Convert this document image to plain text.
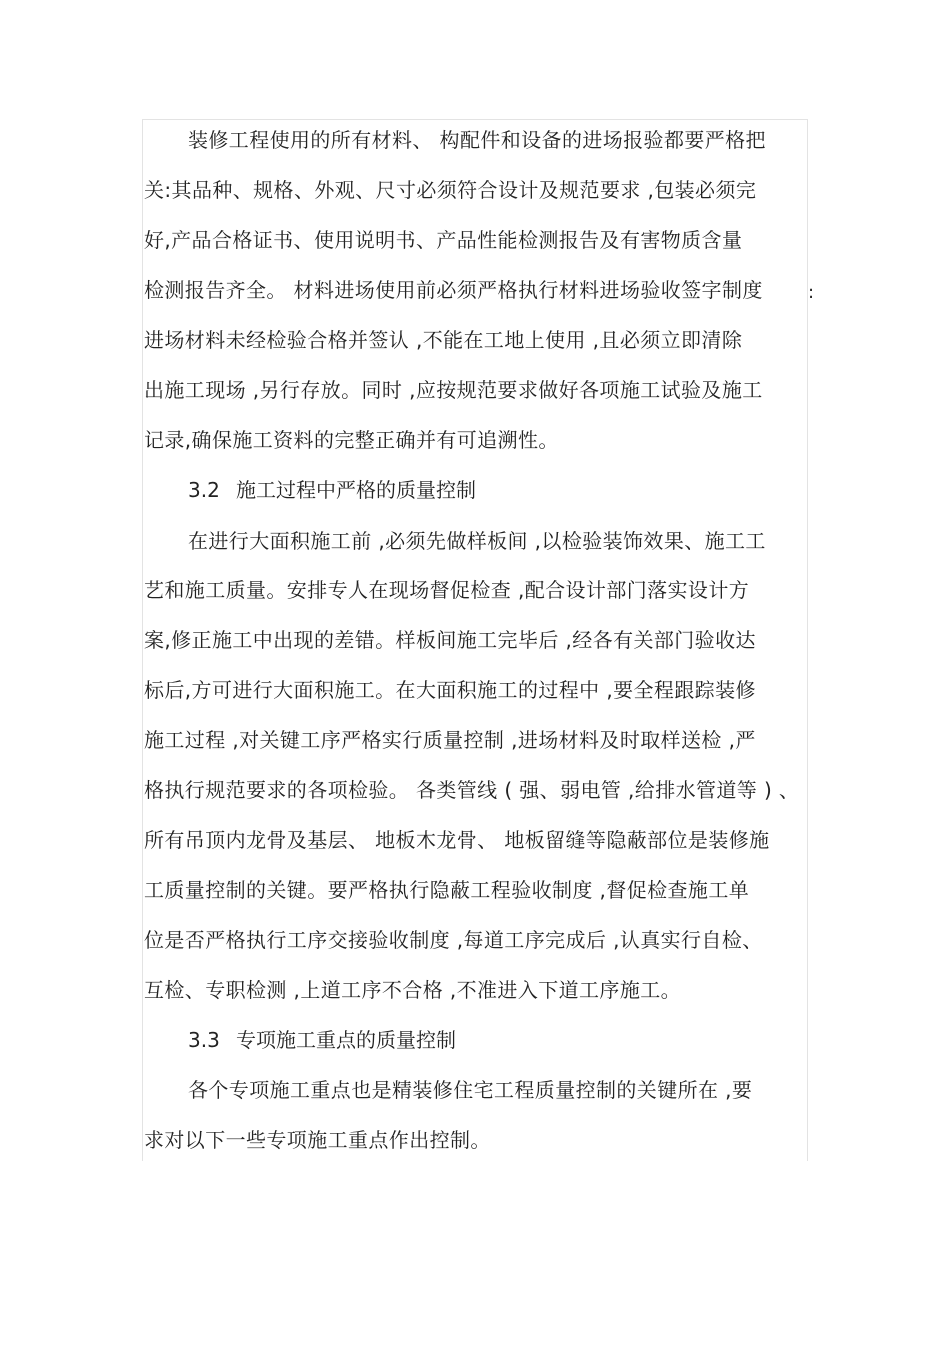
装修工程使用的所有材料、 构配件和设备的进场报验都要严格把
关:其品种、规格、外观、尺寸必须符合设计及规范要求 ,包装必须完
好,产品合格证书、使用说明书、产品性能检测报告及有害物质含量
检测报告齐全。 材料进场使用前必须严格执行材料进场验收签字制度	:
进场材料未经检验合格并签认 ,不能在工地上使用 ,且必须立即清除
出施工现场 ,另行存放。同时 ,应按规范要求做好各项施工试验及施工
记录,确保施工资料的完整正确并有可追溯性。
3.2 施工过程中严格的质量控制
在进行大面积施工前 ,必须先做样板间 ,以检验装饰效果、施工工
艺和施工质量。安排专人在现场督促检查 ,配合设计部门落实设计方
案,修正施工中出现的差错。样板间施工完毕后 ,经各有关部门验收达
标后,方可进行大面积施工。在大面积施工的过程中 ,要全程跟踪装修
施工过程 ,对关键工序严格实行质量控制 ,进场材料及时取样送检 ,严
格执行规范要求的各项检验。 各类管线 ( 强、弱电管 ,给排水管道等 ) 、
所有吊顶内龙骨及基层、 地板木龙骨、 地板留缝等隐蔽部位是装修施
工质量控制的关键。要严格执行隐蔽工程验收制度 ,督促检查施工单
位是否严格执行工序交接验收制度 ,每道工序完成后 ,认真实行自检、
互检、专职检测 ,上道工序不合格 ,不准进入下道工序施工。
3.3 专项施工重点的质量控制
各个专项施工重点也是精装修住宅工程质量控制的关键所在 ,要
求对以下一些专项施工重点作出控制。
